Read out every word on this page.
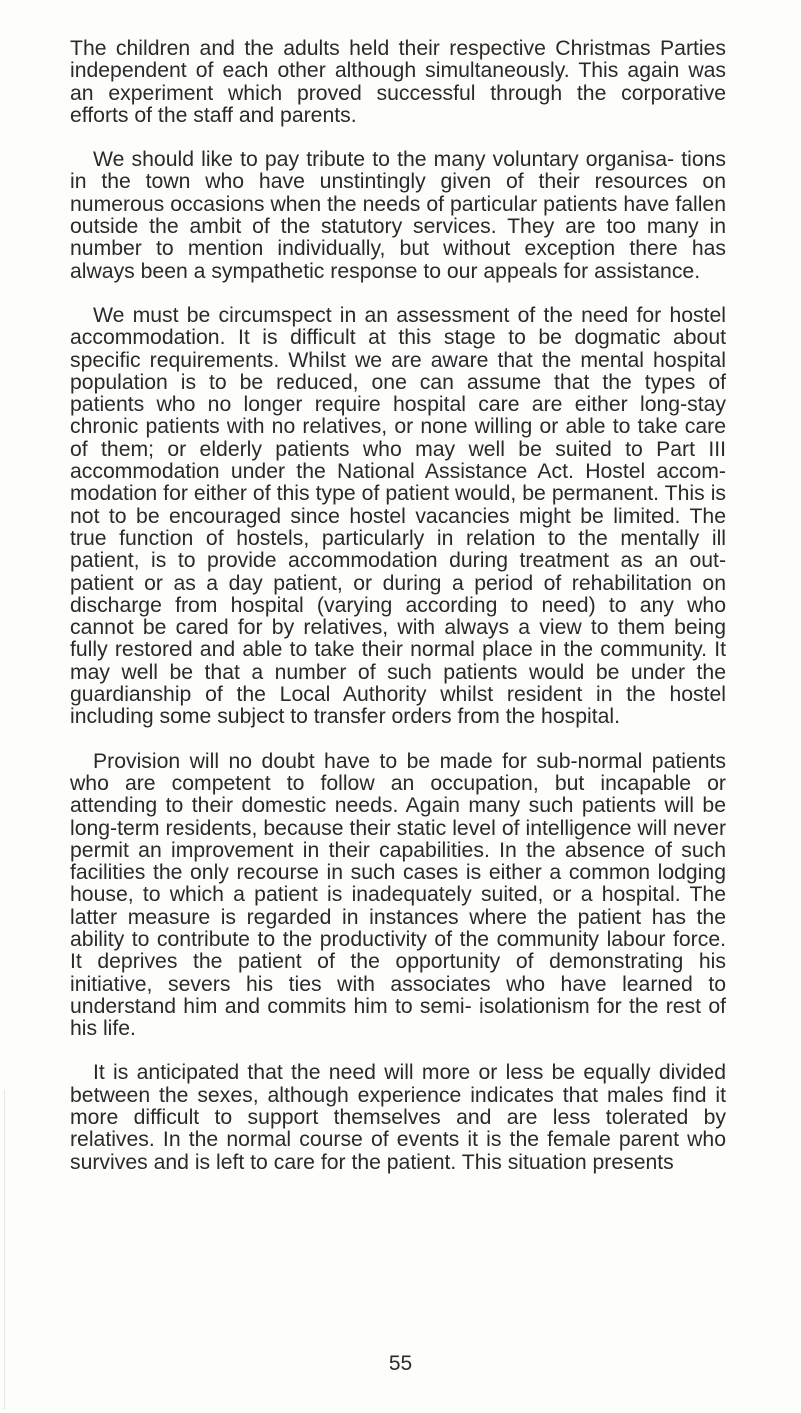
The children and the adults held their respective Christmas Parties independent of each other although simultaneously. This again was an experiment which proved successful through the corporative efforts of the staff and parents.

We should like to pay tribute to the many voluntary organisa- tions in the town who have unstintingly given of their resources on numerous occasions when the needs of particular patients have fallen outside the ambit of the statutory services. They are too many in number to mention individually, but without exception there has always been a sympathetic response to our appeals for assistance.

We must be circumspect in an assessment of the need for hostel accommodation. It is difficult at this stage to be dogmatic about specific requirements. Whilst we are aware that the mental hospital population is to be reduced, one can assume that the types of patients who no longer require hospital care are either long-stay chronic patients with no relatives, or none willing or able to take care of them; or elderly patients who may well be suited to Part III accommodation under the National Assistance Act. Hostel accom- modation for either of this type of patient would, be permanent. This is not to be encouraged since hostel vacancies might be limited. The true function of hostels, particularly in relation to the mentally ill patient, is to provide accommodation during treatment as an out-patient or as a day patient, or during a period of rehabilitation on discharge from hospital (varying according to need) to any who cannot be cared for by relatives, with always a view to them being fully restored and able to take their normal place in the community. It may well be that a number of such patients would be under the guardianship of the Local Authority whilst resident in the hostel including some subject to transfer orders from the hospital.

Provision will no doubt have to be made for sub-normal patients who are competent to follow an occupation, but incapable or attending to their domestic needs. Again many such patients will be long-term residents, because their static level of intelligence will never permit an improvement in their capabilities. In the absence of such facilities the only recourse in such cases is either a common lodging house, to which a patient is inadequately suited, or a hospital. The latter measure is regarded in instances where the patient has the ability to contribute to the productivity of the community labour force. It deprives the patient of the opportunity of demonstrating his initiative, severs his ties with associates who have learned to understand him and commits him to semi- isolationism for the rest of his life.

It is anticipated that the need will more or less be equally divided between the sexes, although experience indicates that males find it more difficult to support themselves and are less tolerated by relatives. In the normal course of events it is the female parent who survives and is left to care for the patient. This situation presents

55
